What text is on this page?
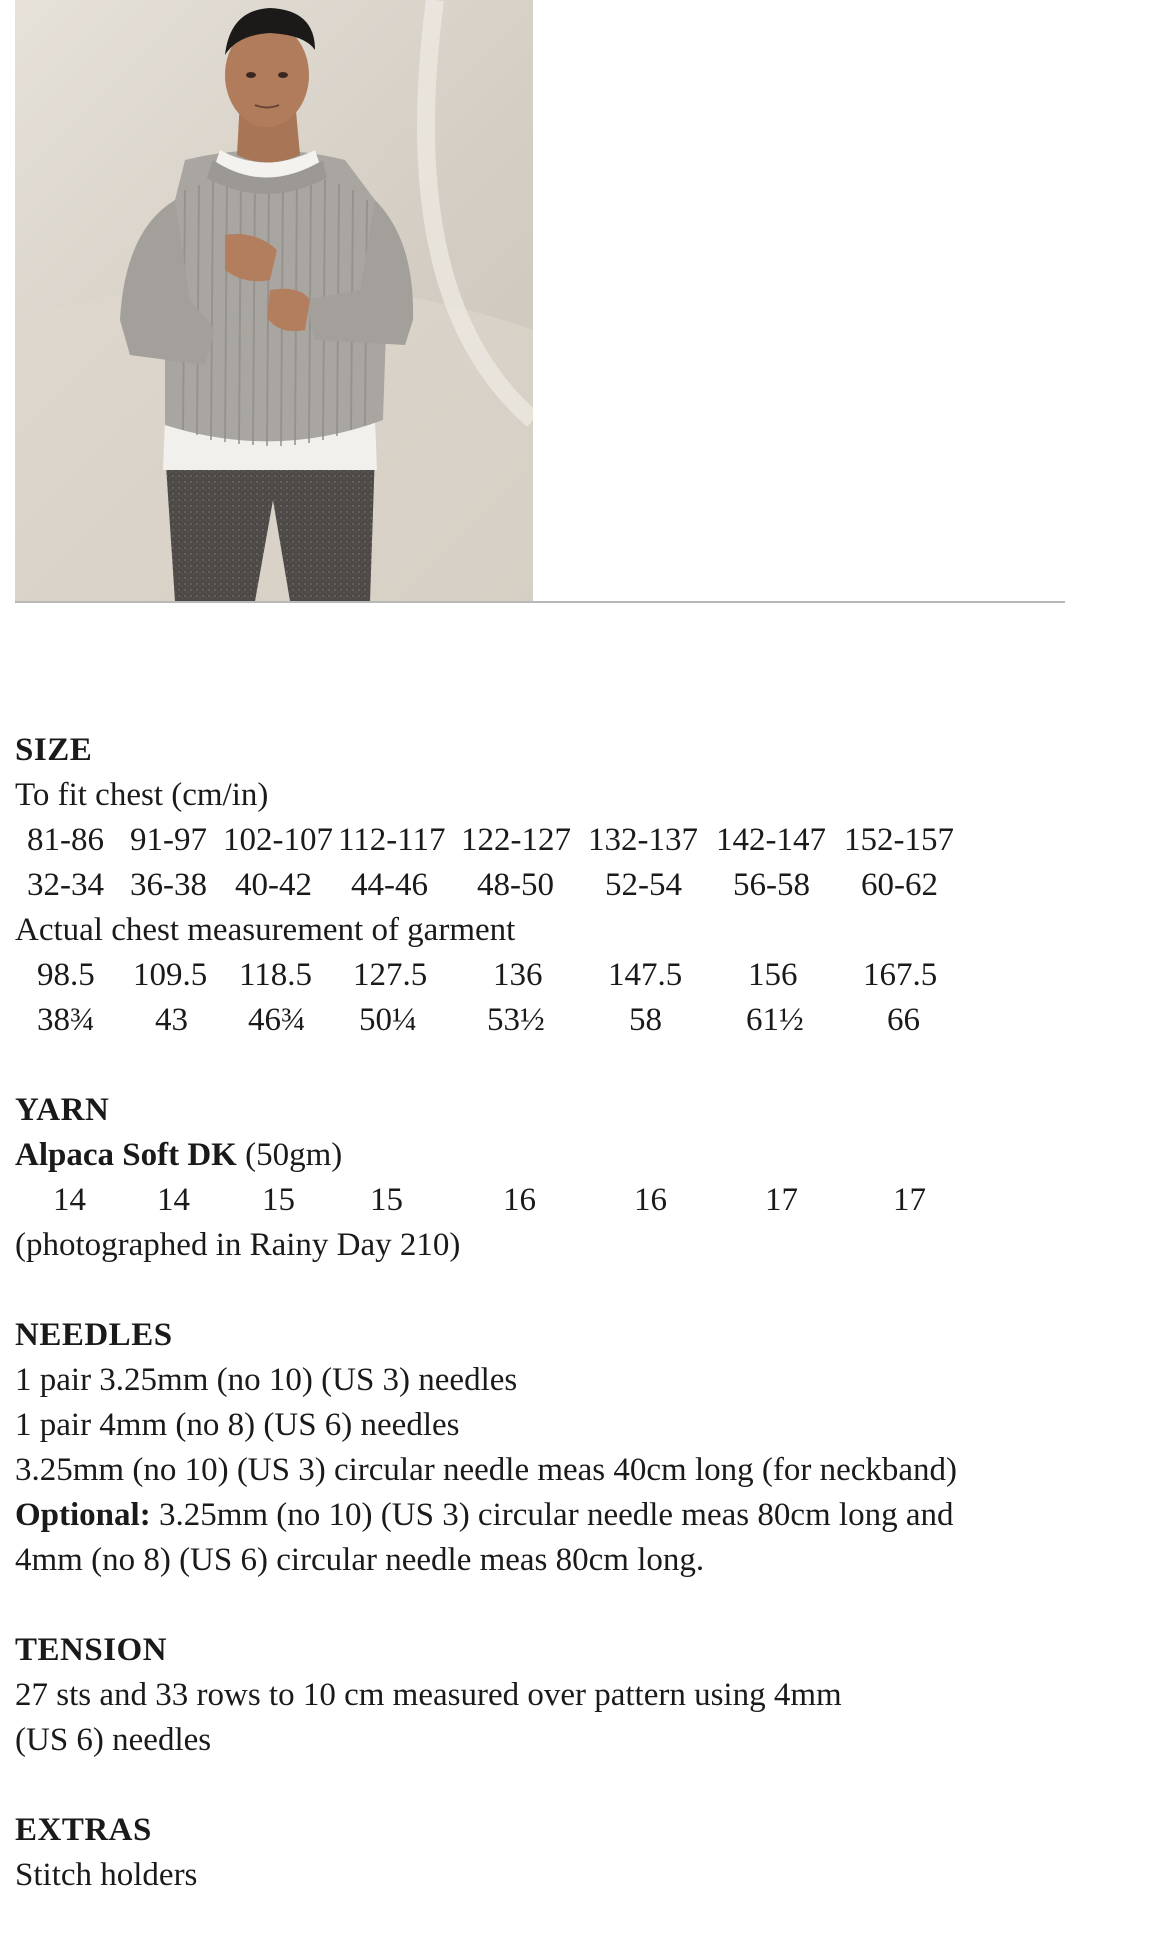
SIZE
To fit chest (cm/in)
81-86 91-97 102-107 112-117 122-127 132-137 142-147 152-157
32-34 36-38 40-42 44-46 48-50 52-54 56-58 60-62
Actual chest measurement of garment
98.5 109.5 118.5 127.5 136 147.5 156 167.5
38¾ 43 46¾ 50¼ 53½	58	61½	66
YARN
Alpaca Soft DK (50gm)
14 14 15 15	16	16	17	17
(photographed in Rainy Day 210)
NEEDLES
1 pair 3.25mm (no 10) (US 3) needles
1 pair 4mm (no 8) (US 6) needles
3.25mm (no 10) (US 3) circular needle meas 40cm long (for neckband)
Optional: 3.25mm (no 10) (US 3) circular needle meas 80cm long and
4mm (no 8) (US 6) circular needle meas 80cm long.
TENSION
27 sts and 33 rows to 10 cm measured over pattern using 4mm
(US 6) needles
EXTRAS
Stitch holders
